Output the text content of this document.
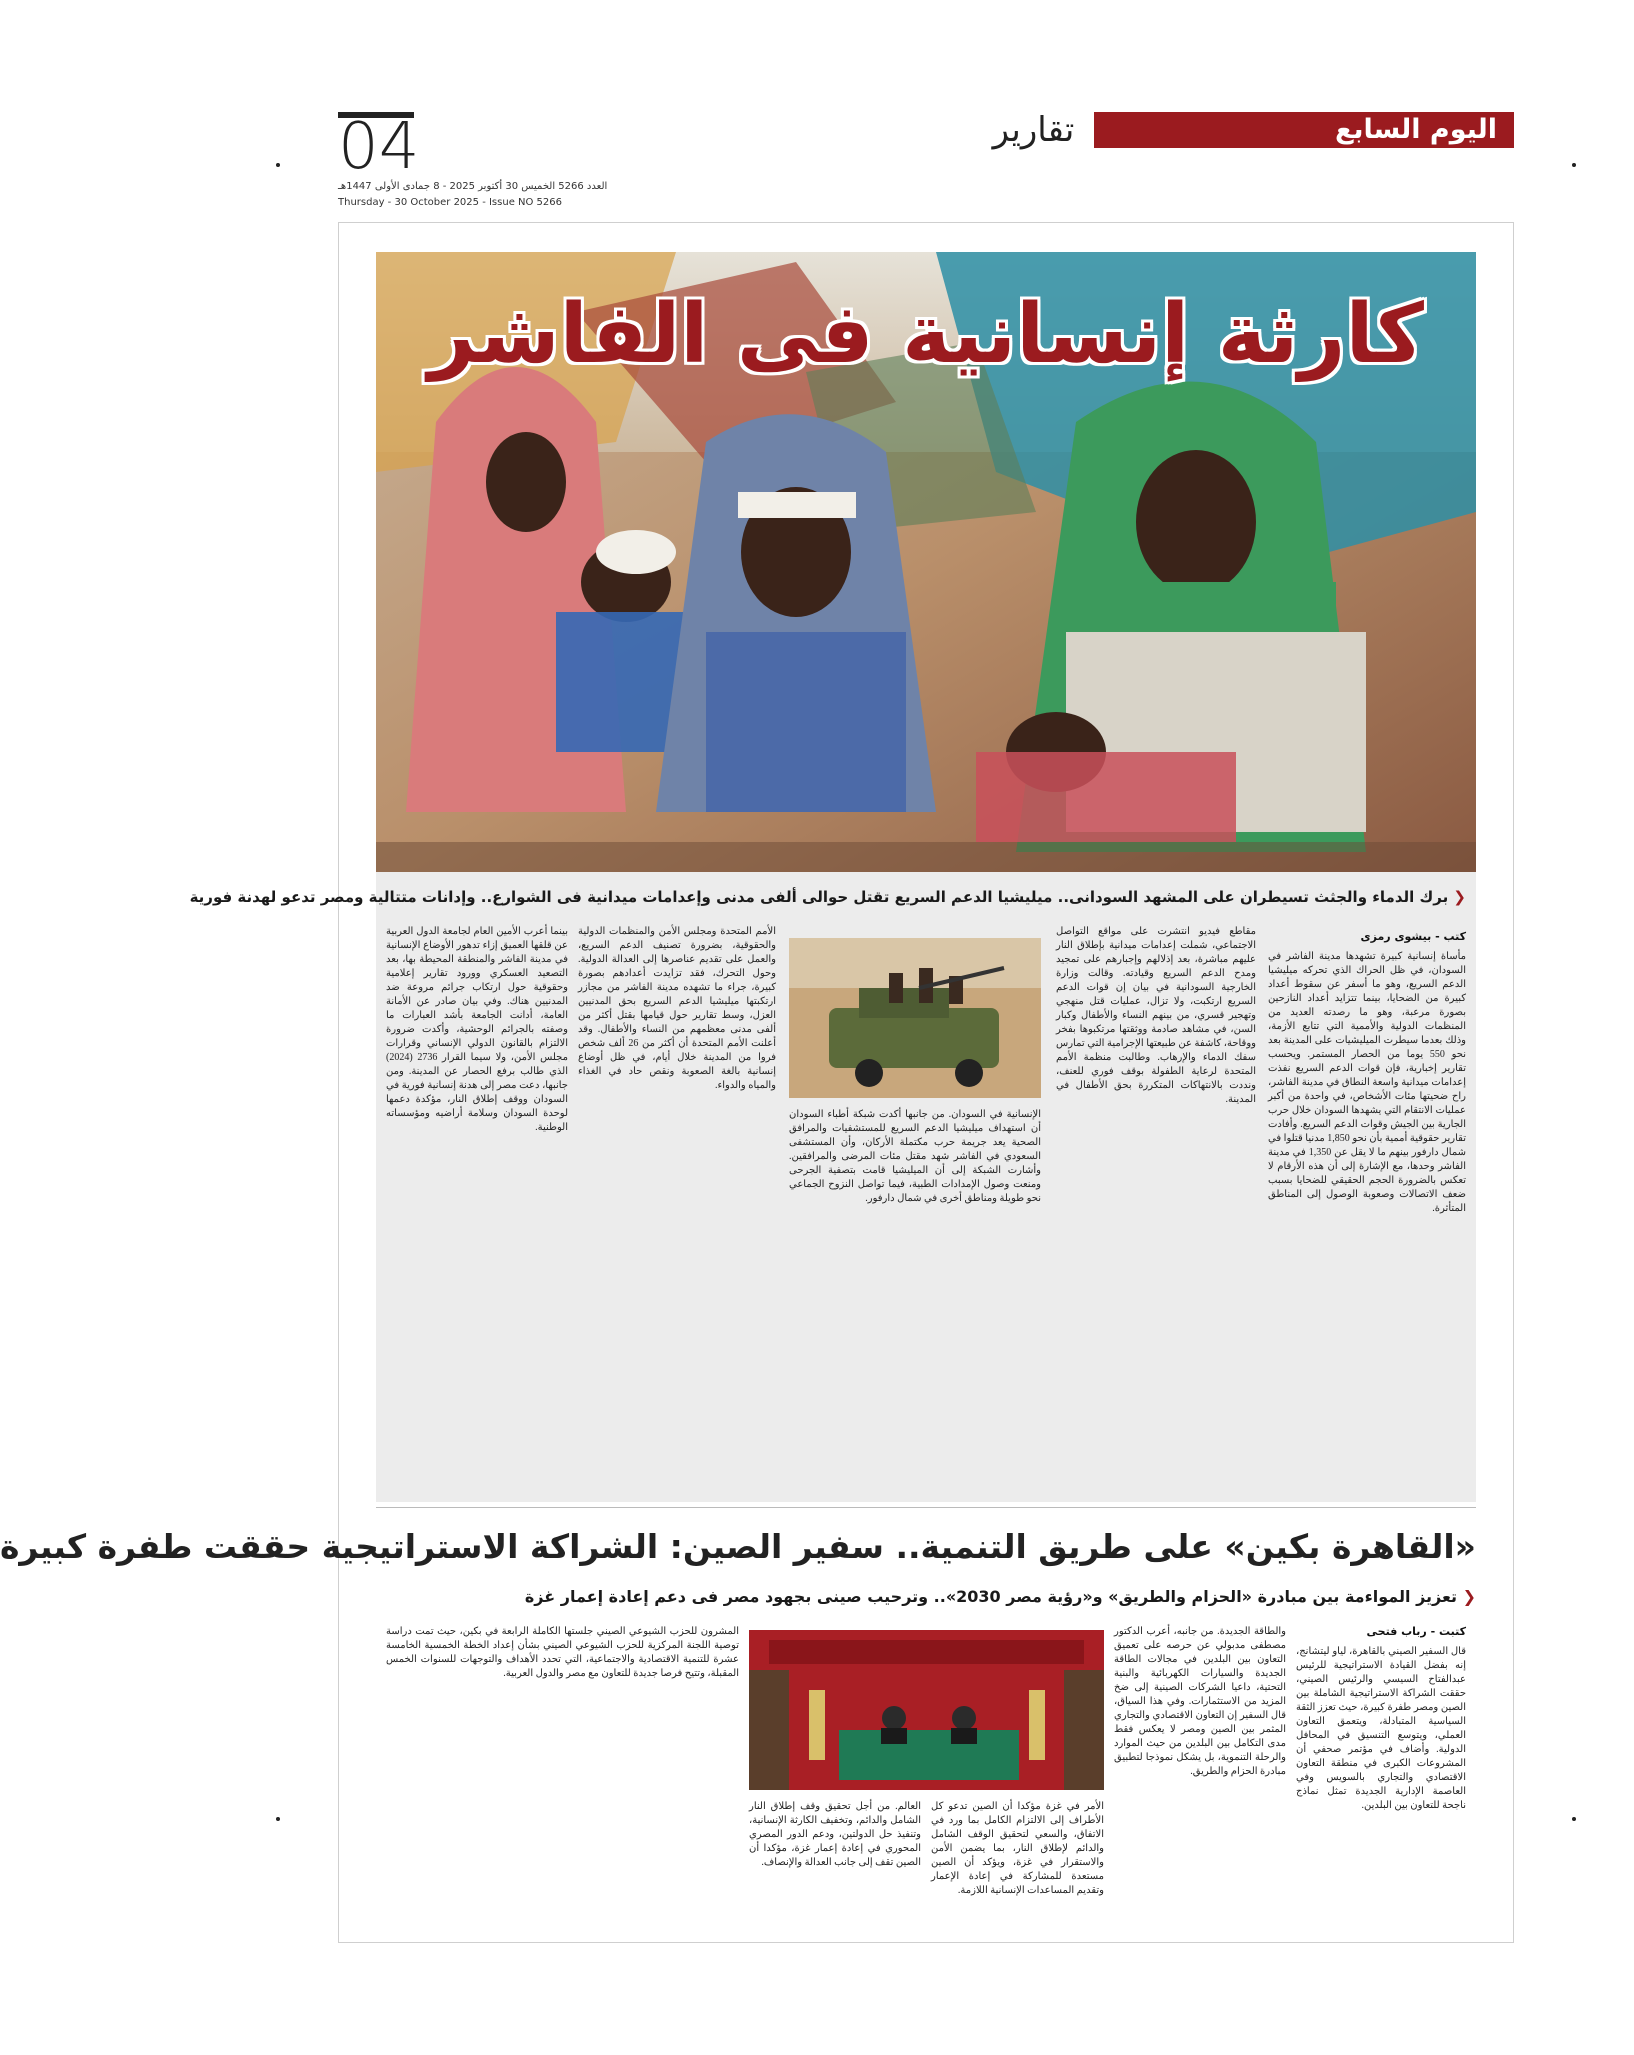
اليوم السابع
تقارير
04
العدد 5266 الخميس 30 أكتوبر 2025 - 8 جمادى الأولى 1447هـ
Thursday - 30 October 2025 - Issue NO 5266
كارثة إنسانية فى الفاشر
❮ برك الدماء والجثث تسيطران على المشهد السودانى.. ميليشيا الدعم السريع تقتل حوالى ألفى مدنى وإعدامات ميدانية فى الشوارع.. وإدانات متتالية ومصر تدعو لهدنة فورية
كتب - بيشوى رمزى
مأساة إنسانية كبيرة تشهدها مدينة الفاشر في السودان، في ظل الحراك الذي تحركه ميليشيا الدعم السريع، وهو ما أسفر عن سقوط أعداد كبيرة من الضحايا، بينما تتزايد أعداد النازحين بصورة مرعبة، وهو ما رصدته العديد من المنظمات الدولية والأممية التي تتابع الأزمة، وذلك بعدما سيطرت الميليشيات على المدينة بعد نحو 550 يوما من الحصار المستمر. ويحسب تقارير إخبارية، فإن قوات الدعم السريع نفذت إعدامات ميدانية واسعة النطاق في مدينة الفاشر، راح ضحيتها مئات الأشخاص، في واحدة من أكبر عمليات الانتقام التي يشهدها السودان خلال حرب الجارية بين الجيش وقوات الدعم السريع. وأفادت تقارير حقوقية أممية بأن نحو 1,850 مدنيا قتلوا في شمال دارفور بينهم ما لا يقل عن 1,350 في مدينة الفاشر وحدها، مع الإشارة إلى أن هذه الأرقام لا تعكس بالضرورة الحجم الحقيقي للضحايا بسبب ضعف الاتصالات وصعوبة الوصول إلى المناطق المتأثرة.
مقاطع فيديو انتشرت على مواقع التواصل الاجتماعي، شملت إعدامات ميدانية بإطلاق النار عليهم مباشرة، بعد إذلالهم وإجبارهم على تمجيد ومدح الدعم السريع وقيادته. وقالت وزارة الخارجية السودانية في بيان إن قوات الدعم السريع ارتكبت، ولا تزال، عمليات قتل منهجي وتهجير قسري، من بينهم النساء والأطفال وكبار السن، في مشاهد صادمة ووثقتها مرتكبوها بفخر ووقاحة، كاشفة عن طبيعتها الإجرامية التي تمارس سفك الدماء والإرهاب. وطالبت منظمة الأمم المتحدة لرعاية الطفولة بوقف فوري للعنف، ونددت بالانتهاكات المتكررة بحق الأطفال في المدينة.
الإنسانية في السودان. من جانبها أكدت شبكة أطباء السودان أن استهداف ميليشيا الدعم السريع للمستشفيات والمرافق الصحية يعد جريمة حرب مكتملة الأركان، وأن المستشفى السعودي في الفاشر شهد مقتل مئات المرضى والمرافقين. وأشارت الشبكة إلى أن الميليشيا قامت بتصفية الجرحى ومنعت وصول الإمدادات الطبية، فيما تواصل النزوح الجماعي نحو طويلة ومناطق أخرى في شمال دارفور.
الأمم المتحدة ومجلس الأمن والمنظمات الدولية والحقوقية، بضرورة تصنيف الدعم السريع، والعمل على تقديم عناصرها إلى العدالة الدولية. وحول التحرك، فقد تزايدت أعدادهم بصورة كبيرة، جراء ما تشهده مدينة الفاشر من مجازر ارتكبتها ميليشيا الدعم السريع بحق المدنيين العزل، وسط تقارير حول قيامها بقتل أكثر من ألفى مدنى معظمهم من النساء والأطفال. وقد أعلنت الأمم المتحدة أن أكثر من 26 ألف شخص فروا من المدينة خلال أيام، في ظل أوضاع إنسانية بالغة الصعوبة ونقص حاد في الغذاء والمياه والدواء.
بينما أعرب الأمين العام لجامعة الدول العربية عن قلقها العميق إزاء تدهور الأوضاع الإنسانية في مدينة الفاشر والمنطقة المحيطة بها، بعد التصعيد العسكري وورود تقارير إعلامية وحقوقية حول ارتكاب جرائم مروعة ضد المدنيين هناك. وفي بيان صادر عن الأمانة العامة، أدانت الجامعة بأشد العبارات ما وصفته بالجرائم الوحشية، وأكدت ضرورة الالتزام بالقانون الدولي الإنساني وقرارات مجلس الأمن، ولا سيما القرار 2736 (2024) الذي طالب برفع الحصار عن المدينة. ومن جانبها، دعت مصر إلى هدنة إنسانية فورية في السودان ووقف إطلاق النار، مؤكدة دعمها لوحدة السودان وسلامة أراضيه ومؤسساته الوطنية.
«القاهرة بكين» على طريق التنمية.. سفير الصين: الشراكة الاستراتيجية حققت طفرة كبيرة
❮ تعزيز المواءمة بين مبادرة «الحزام والطريق» و«رؤية مصر 2030».. وترحيب صينى بجهود مصر فى دعم إعادة إعمار غزة
كتبت - رباب فتحى
قال السفير الصيني بالقاهرة، لياو ليتشانج، إنه بفضل القيادة الاستراتيجية للرئيس عبدالفتاح السيسي والرئيس الصيني، حققت الشراكة الاستراتيجية الشاملة بين الصين ومصر طفرة كبيرة، حيث تعزز الثقة السياسية المتبادلة، ويتعمق التعاون العملي، ويتوسع التنسيق في المحافل الدولية. وأضاف في مؤتمر صحفي أن المشروعات الكبرى في منطقة التعاون الاقتصادي والتجاري بالسويس وفي العاصمة الإدارية الجديدة تمثل نماذج ناجحة للتعاون بين البلدين.
والطاقة الجديدة. من جانبه، أعرب الدكتور مصطفى مدبولي عن حرصه على تعميق التعاون بين البلدين في مجالات الطاقة الجديدة والسيارات الكهربائية والبنية التحتية، داعيا الشركات الصينية إلى ضخ المزيد من الاستثمارات. وفي هذا السياق، قال السفير إن التعاون الاقتصادي والتجاري المثمر بين الصين ومصر لا يعكس فقط مدى التكامل بين البلدين من حيث الموارد والرحلة التنموية، بل يشكل نموذجا لتطبيق مبادرة الحزام والطريق.
العالم. من أجل تحقيق وقف إطلاق النار الشامل والدائم، وتخفيف الكارثة الإنسانية، وتنفيذ حل الدولتين، ودعم الدور المصري المحوري في إعادة إعمار غزة، مؤكدا أن الصين تقف إلى جانب العدالة والإنصاف.
الأمر في غزة مؤكدا أن الصين تدعو كل الأطراف إلى الالتزام الكامل بما ورد في الاتفاق، والسعي لتحقيق الوقف الشامل والدائم لإطلاق النار، بما يضمن الأمن والاستقرار في غزة، ويؤكد أن الصين مستعدة للمشاركة في إعادة الإعمار وتقديم المساعدات الإنسانية اللازمة.
المشرون للحزب الشيوعي الصيني جلستها الكاملة الرابعة في بكين، حيث تمت دراسة توصية اللجنة المركزية للحزب الشيوعي الصيني بشأن إعداد الخطة الخمسية الخامسة عشرة للتنمية الاقتصادية والاجتماعية، التي تحدد الأهداف والتوجهات للسنوات الخمس المقبلة، وتتيح فرصا جديدة للتعاون مع مصر والدول العربية.
